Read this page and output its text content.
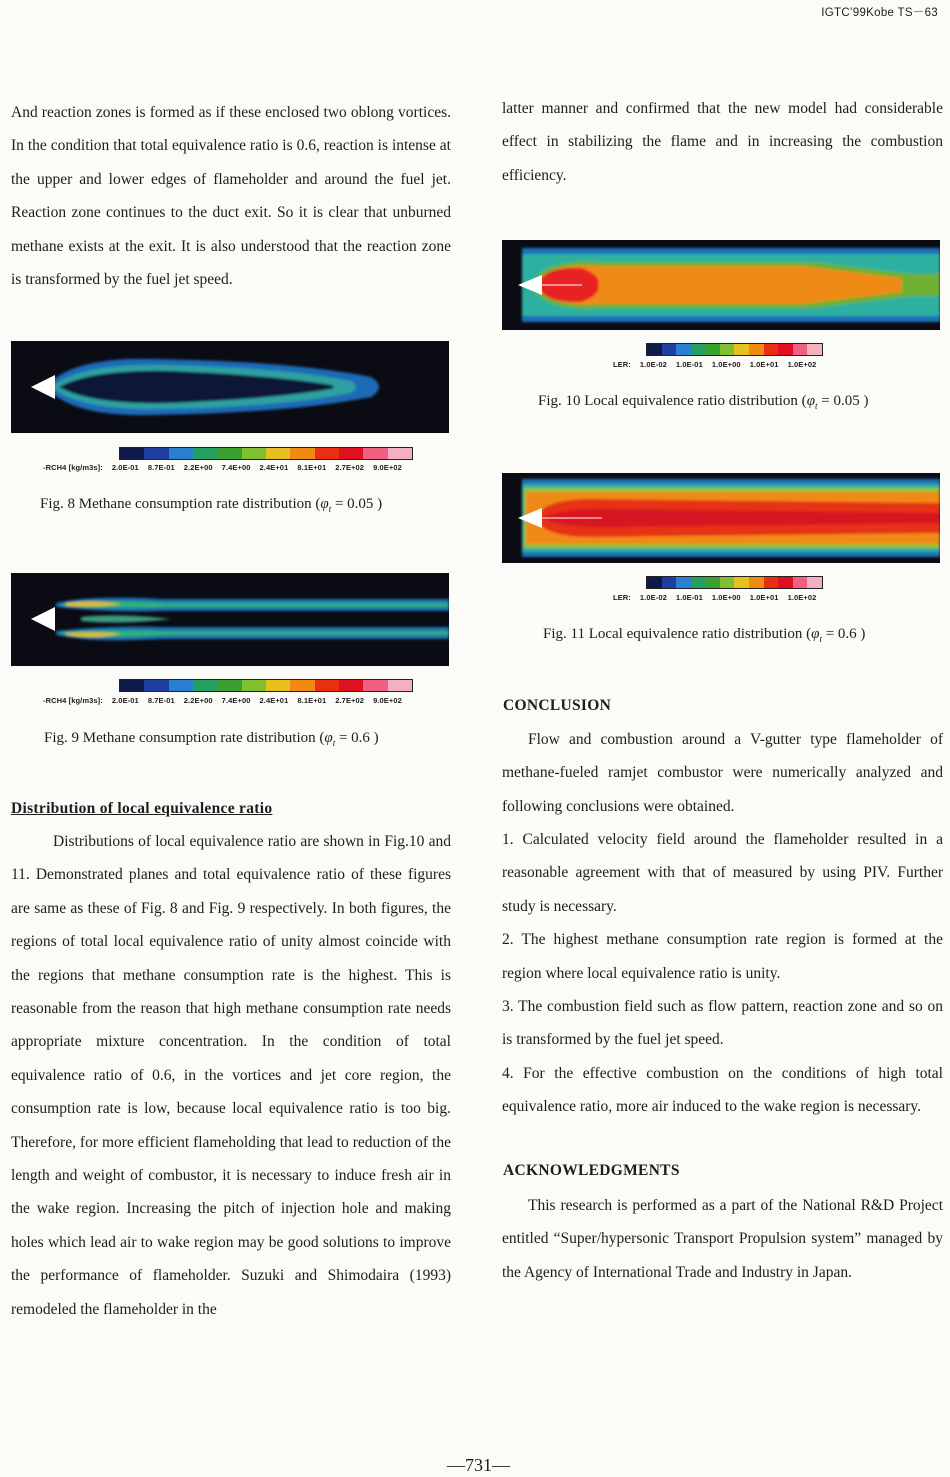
IGTC’99Kobe TS－63

And reaction zones is formed as if these enclosed two oblong vortices. In the condition that total equivalence ratio is 0.6, reaction is intense at the upper and lower edges of flameholder and around the fuel jet. Reaction zone continues to the duct exit. So it is clear that unburned methane exists at the exit. It is also understood that the reaction zone is transformed by the fuel jet speed.

-RCH4 [kg/m3s]: 2.0E-01 8.7E-01 2.2E+00 7.4E+00 2.4E+01 8.1E+01 2.7E+02 9.0E+02
Fig. 8 Methane consumption rate distribution ($\varphi_t = 0.05$ )
-RCH4 [kg/m3s]: 2.0E-01 8.7E-01 2.2E+00 7.4E+00 2.4E+01 8.1E+01 2.7E+02 9.0E+02
Fig. 9 Methane consumption rate distribution ($\varphi_t = 0.6$ )
Distribution of local equivalence ratio

Distributions of local equivalence ratio are shown in Fig.10 and 11. Demonstrated planes and total equivalence ratio of these figures are same as these of Fig. 8 and Fig. 9 respectively. In both figures, the regions of total local equivalence ratio of unity almost coincide with the regions that methane consumption rate is the highest. This is reasonable from the reason that high methane consumption rate needs appropriate mixture concentration. In the condition of total equivalence ratio of 0.6, in the vortices and jet core region, the consumption rate is low, because local equivalence ratio is too big. Therefore, for more efficient flameholding that lead to reduction of the length and weight of combustor, it is necessary to induce fresh air in the wake region. Increasing the pitch of injection hole and making holes which lead air to wake region may be good solutions to improve the performance of flameholder. Suzuki and Shimodaira (1993) remodeled the flameholder in the

latter manner and confirmed that the new model had considerable effect in stabilizing the flame and in increasing the combustion efficiency.

LER: 1.0E-02 1.0E-01 1.0E+00 1.0E+01 1.0E+02
Fig. 10 Local equivalence ratio distribution ($\varphi_t = 0.05$ )
LER: 1.0E-02 1.0E-01 1.0E+00 1.0E+01 1.0E+02
Fig. 11 Local equivalence ratio distribution ($\varphi_t = 0.6$ )
CONCLUSION

Flow and combustion around a V-gutter type flameholder of methane-fueled ramjet combustor were numerically analyzed and following conclusions were obtained.

1. Calculated velocity field around the flameholder resulted in a reasonable agreement with that of measured by using PIV. Further study is necessary.
2. The highest methane consumption rate region is formed at the region where local equivalence ratio is unity.
3. The combustion field such as flow pattern, reaction zone and so on is transformed by the fuel jet speed.
4. For the effective combustion on the conditions of high total equivalence ratio, more air induced to the wake region is necessary.
ACKNOWLEDGMENTS

This research is performed as a part of the National R&D Project entitled “Super/hypersonic Transport Propulsion system” managed by the Agency of International Trade and Industry in Japan.

—731—
